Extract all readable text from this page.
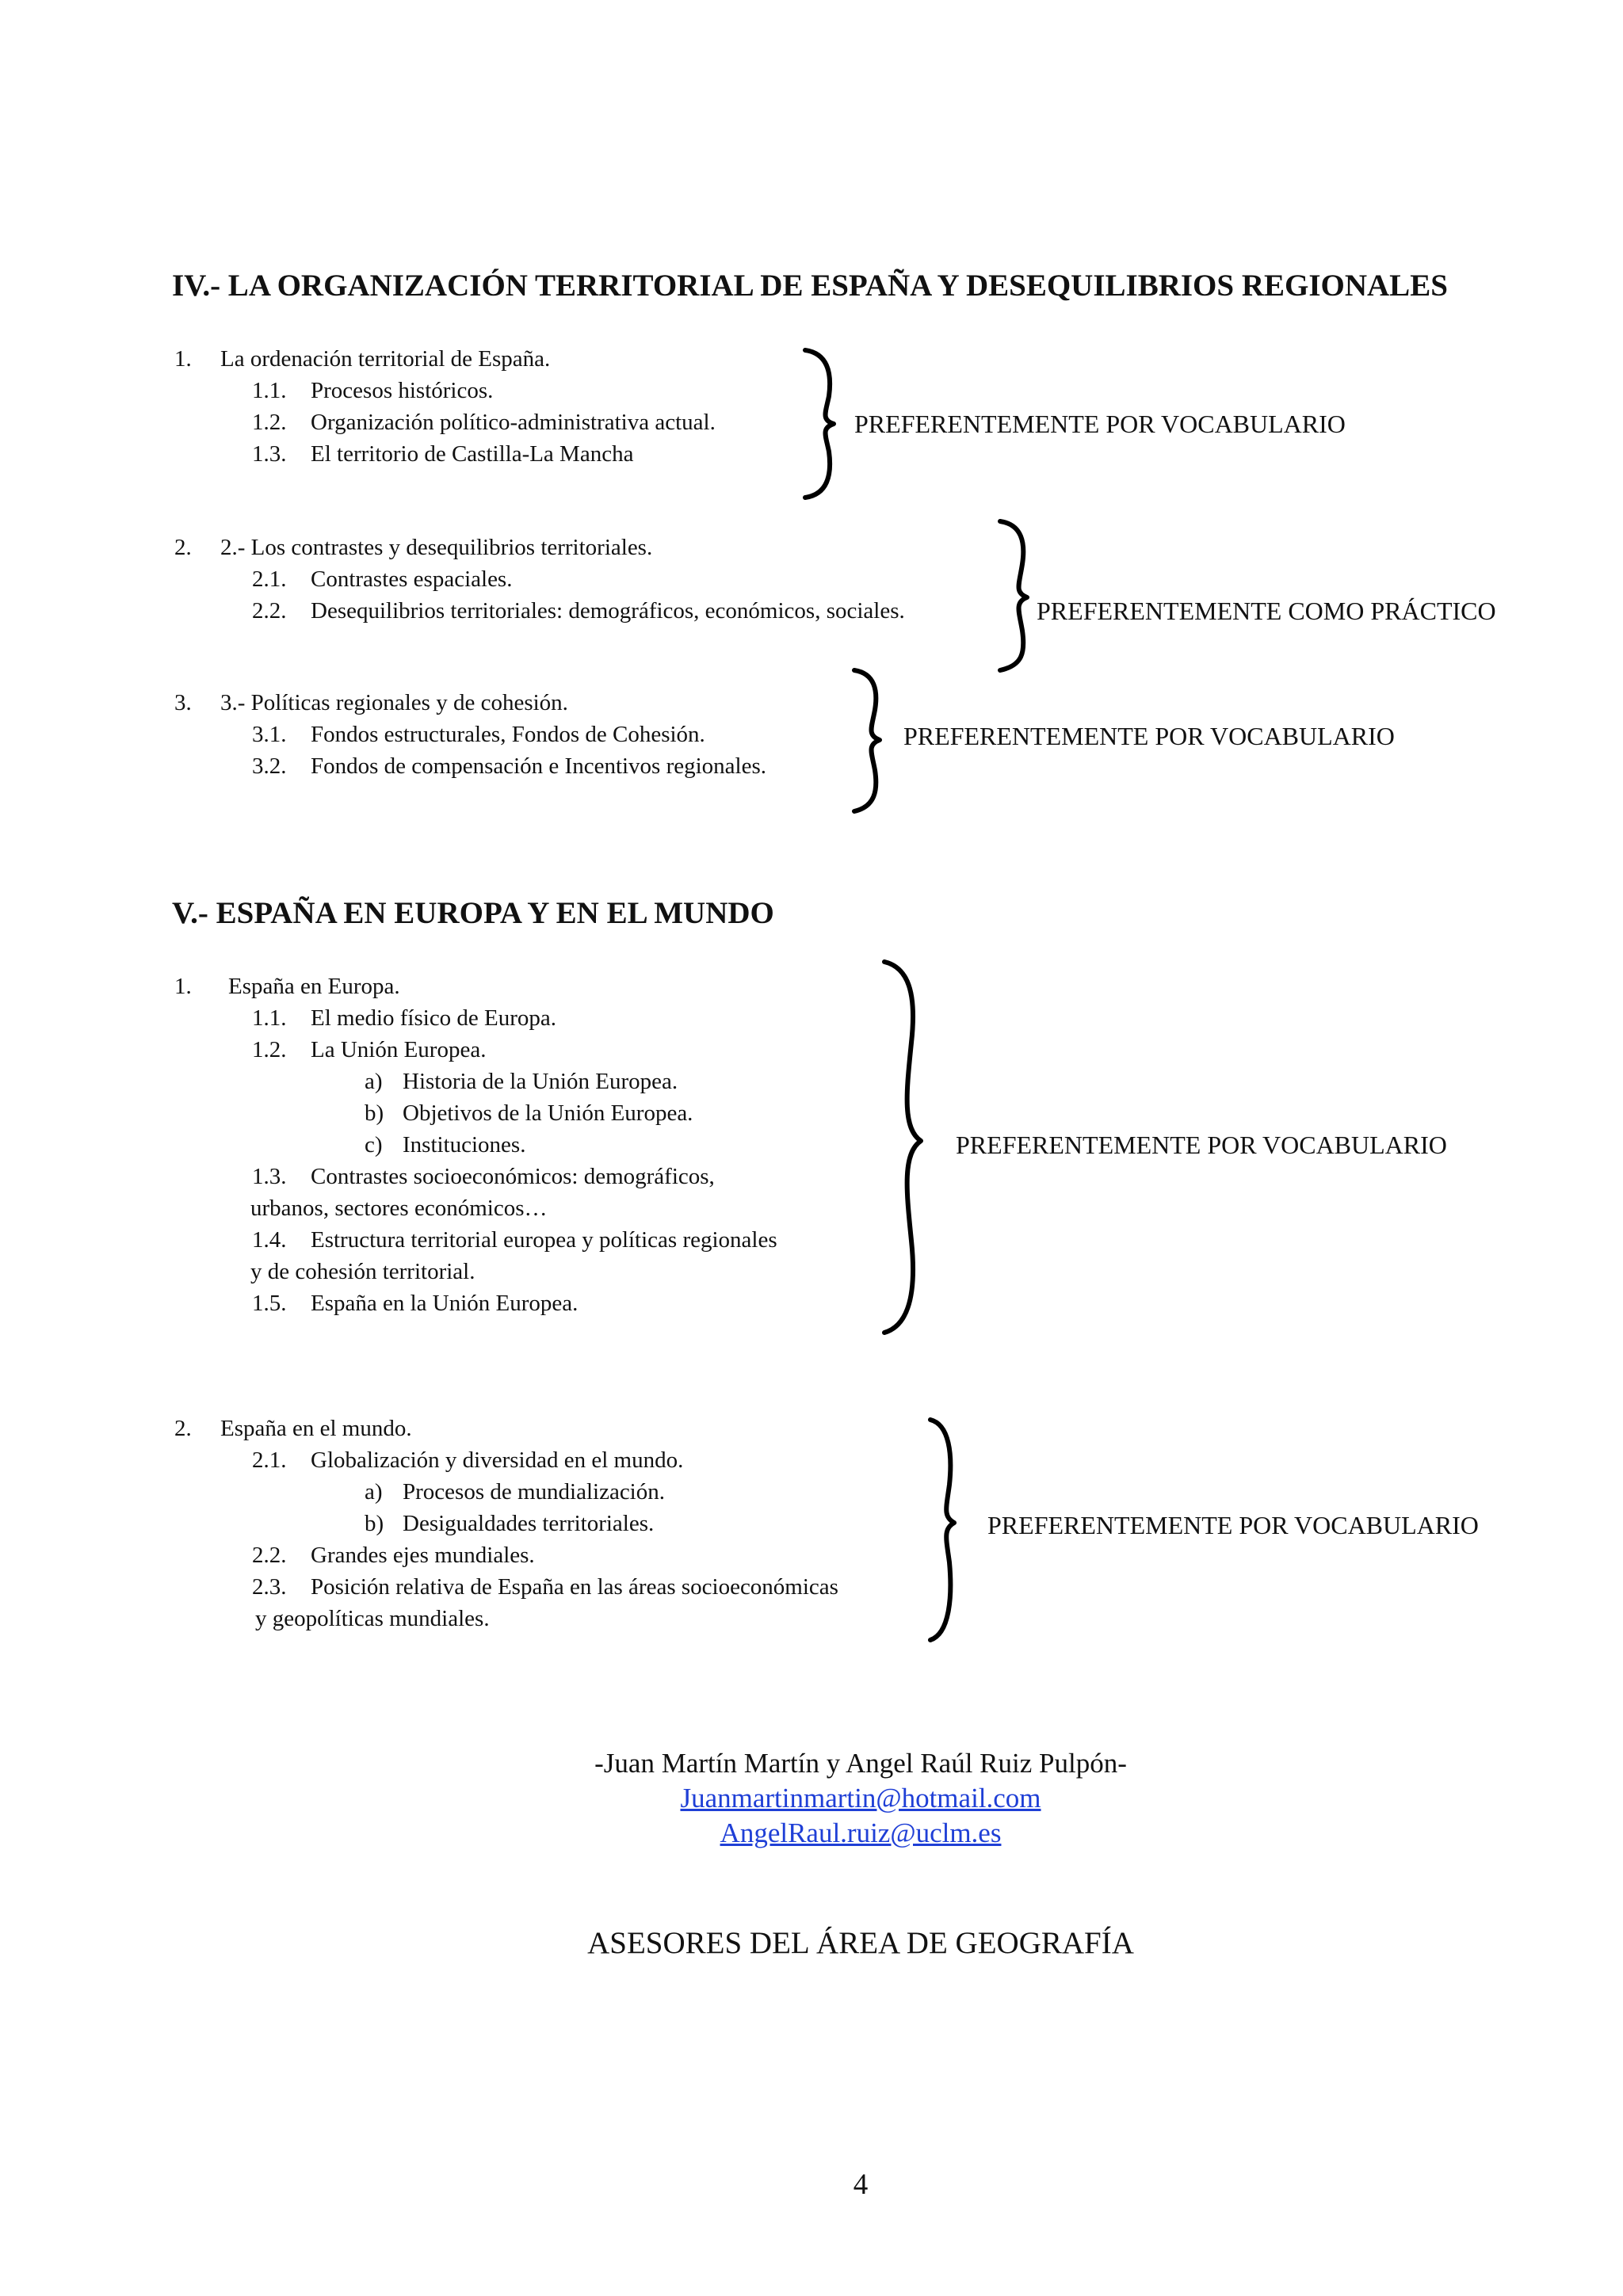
IV.- LA ORGANIZACIÓN TERRITORIAL DE ESPAÑA Y DESEQUILIBRIOS REGIONALES
1. La ordenación territorial de España.
1.1. Procesos históricos.
1.2. Organización político-administrativa actual.
1.3. El territorio de Castilla-La Mancha
PREFERENTEMENTE POR VOCABULARIO
2. 2.- Los contrastes y desequilibrios territoriales.
2.1. Contrastes espaciales.
2.2. Desequilibrios territoriales: demográficos, económicos, sociales.	PREFERENTEMENTE COMO PRÁCTICO
3. 3.- Políticas regionales y de cohesión.
3.1. Fondos estructurales, Fondos de Cohesión.
3.2. Fondos de compensación e Incentivos regionales.
PREFERENTEMENTE POR VOCABULARIO
V.- ESPAÑA EN EUROPA Y EN EL MUNDO
1. España en Europa.
1.1. El medio físico de Europa.
1.2. La Unión Europea.
a) Historia de la Unión Europea.
b) Objetivos de la Unión Europea.
c) Instituciones.
1.3. Contrastes socioeconómicos: demográficos,
urbanos, sectores económicos…
1.4. Estructura territorial europea y políticas regionales
y de cohesión territorial.
1.5. España en la Unión Europea.
PREFERENTEMENTE POR VOCABULARIO
2. España en el mundo.
2.1. Globalización y diversidad en el mundo.
a) Procesos de mundialización.
b) Desigualdades territoriales.
2.2. Grandes ejes mundiales.
2.3. Posición relativa de España en las áreas socioeconómicas
y geopolíticas mundiales.
PREFERENTEMENTE POR VOCABULARIO
-Juan Martín Martín y Angel Raúl Ruiz Pulpón-
Juanmartinmartin@hotmail.com
AngelRaul.ruiz@uclm.es
ASESORES DEL ÁREA DE GEOGRAFÍA
4
